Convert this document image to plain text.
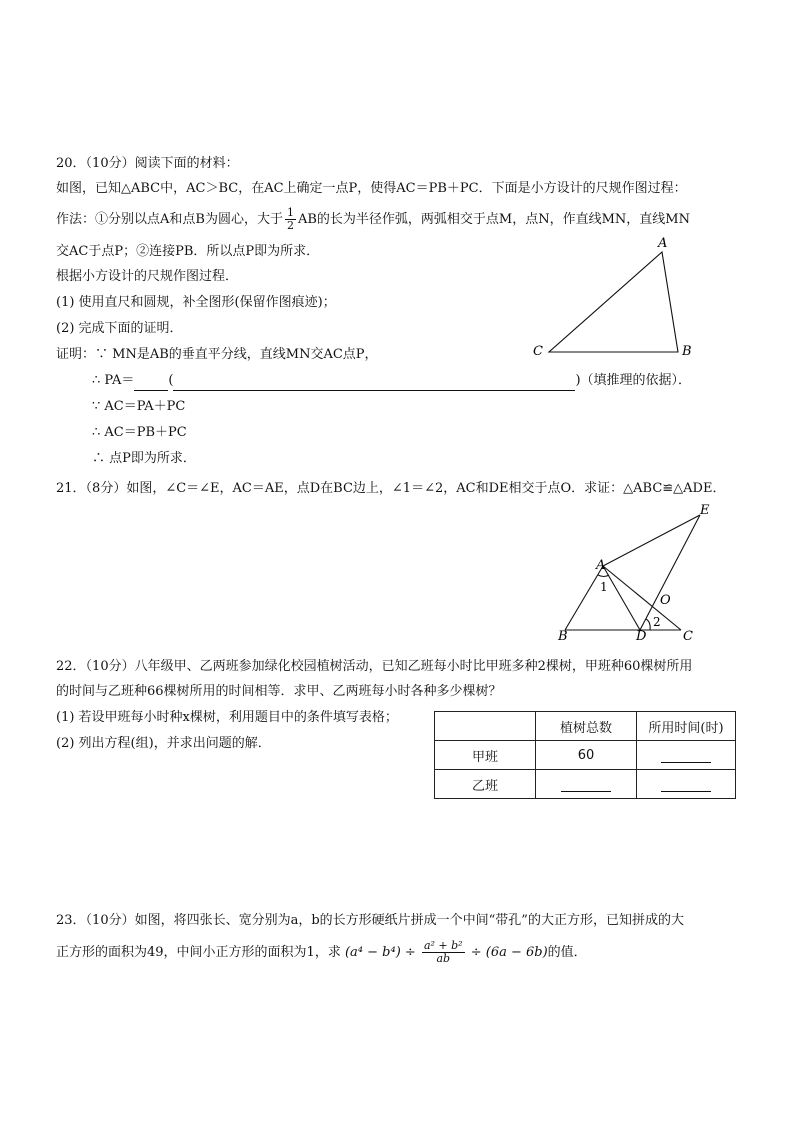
20．（10分）阅读下面的材料：
如图，已知△ABC中，AC＞BC，在AC上确定一点P，使得AC＝PB＋PC．下面是小方设计的尺规作图过程：
作法：①分别以点A和点B为圆心，大于 $\frac{1}{2}$ AB的长为半径作弧，两弧相交于点M，点N，作直线MN，直线MN
交AC于点P；②连接PB．所以点P即为所求．
根据小方设计的尺规作图过程．
(1) 使用直尺和圆规，补全图形(保留作图痕迹)；
(2) 完成下面的证明．
证明：∵ MN是AB的垂直平分线，直线MN交AC点P，
∴ PA＝	(	)（填推理的依据）．
∵ AC＝PA＋PC
∴ AC＝PB＋PC
∴ 点P即为所求．
A
C	B
21．（8分）如图，∠C＝∠E，AC＝AE，点D在BC边上，∠1＝∠2，AC和DE相交于点O．求证：△ABC≌△ADE．
A
B	D	C
E
O
1
2
22．（10分）八年级甲、乙两班参加绿化校园植树活动，已知乙班每小时比甲班多种2棵树，甲班种60棵树所用
的时间与乙班种66棵树所用的时间相等．求甲、乙两班每小时各种多少棵树？
(1) 若设甲班每小时种x棵树，利用题目中的条件填写表格；
(2) 列出方程(组)，并求出问题的解．
	植树总数	所用时间(时)
甲班	60	
乙班		
23．（10分）如图，将四张长、宽分别为a，b的长方形硬纸片拼成一个中间“带孔”的大正方形，已知拼成的大
正方形的面积为49，中间小正方形的面积为1，求 $(a^4 - b^4) \div \frac{\text{a² + b²}}{ab} \div (6a - 6b)$的值．
